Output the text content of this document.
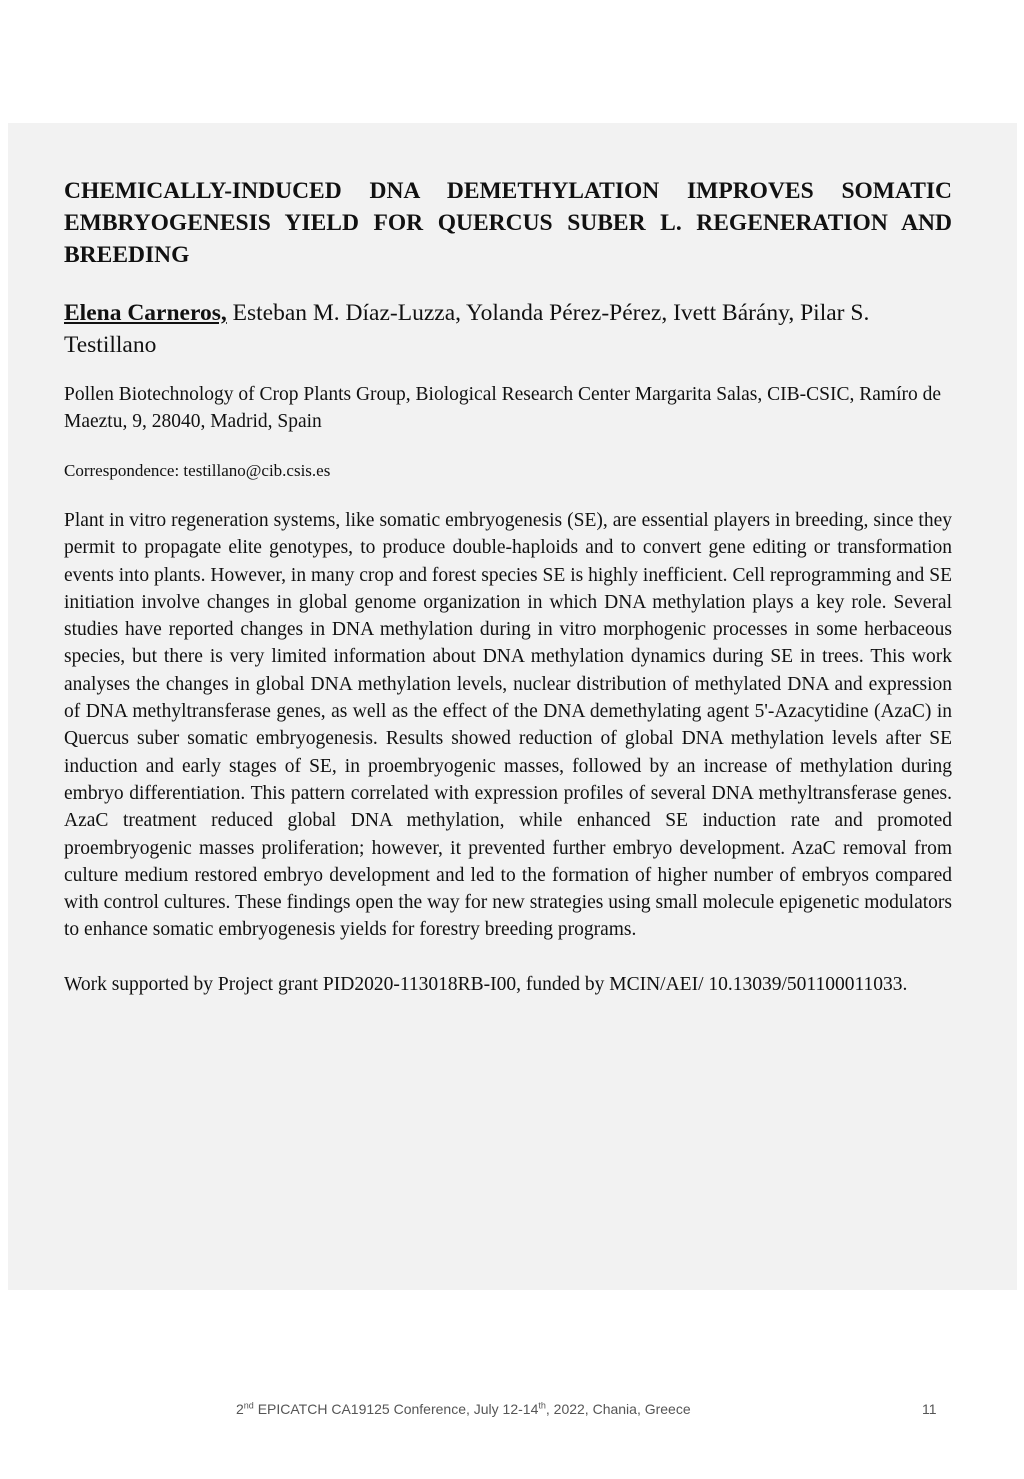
CHEMICALLY-INDUCED DNA DEMETHYLATION IMPROVES SOMATIC EMBRYOGENESIS YIELD FOR QUERCUS SUBER L. REGENERATION AND BREEDING

Elena Carneros, Esteban M. Díaz-Luzza, Yolanda Pérez-Pérez, Ivett Bárány, Pilar S. Testillano

Pollen Biotechnology of Crop Plants Group, Biological Research Center Margarita Salas, CIB-CSIC, Ramíro de Maeztu, 9, 28040, Madrid, Spain

Correspondence: testillano@cib.csis.es

Plant in vitro regeneration systems, like somatic embryogenesis (SE), are essential players in breeding, since they permit to propagate elite genotypes, to produce double-haploids and to convert gene editing or transformation events into plants. However, in many crop and forest species SE is highly inefficient. Cell reprogramming and SE initiation involve changes in global genome organization in which DNA methylation plays a key role. Several studies have reported changes in DNA methylation during in vitro morphogenic processes in some herbaceous species, but there is very limited information about DNA methylation dynamics during SE in trees. This work analyses the changes in global DNA methylation levels, nuclear distribution of methylated DNA and expression of DNA methyltransferase genes, as well as the effect of the DNA demethylating agent 5'-Azacytidine (AzaC) in Quercus suber somatic embryogenesis. Results showed reduction of global DNA methylation levels after SE induction and early stages of SE, in proembryogenic masses, followed by an increase of methylation during embryo differentiation. This pattern correlated with expression profiles of several DNA methyltransferase genes. AzaC treatment reduced global DNA methylation, while enhanced SE induction rate and promoted proembryogenic masses proliferation; however, it prevented further embryo development. AzaC removal from culture medium restored embryo development and led to the formation of higher number of embryos compared with control cultures. These findings open the way for new strategies using small molecule epigenetic modulators to enhance somatic embryogenesis yields for forestry breeding programs.

Work supported by Project grant PID2020-113018RB-I00, funded by MCIN/AEI/ 10.13039/501100011033.

2nd EPICATCH CA19125 Conference, July 12-14th, 2022, Chania, Greece	11
